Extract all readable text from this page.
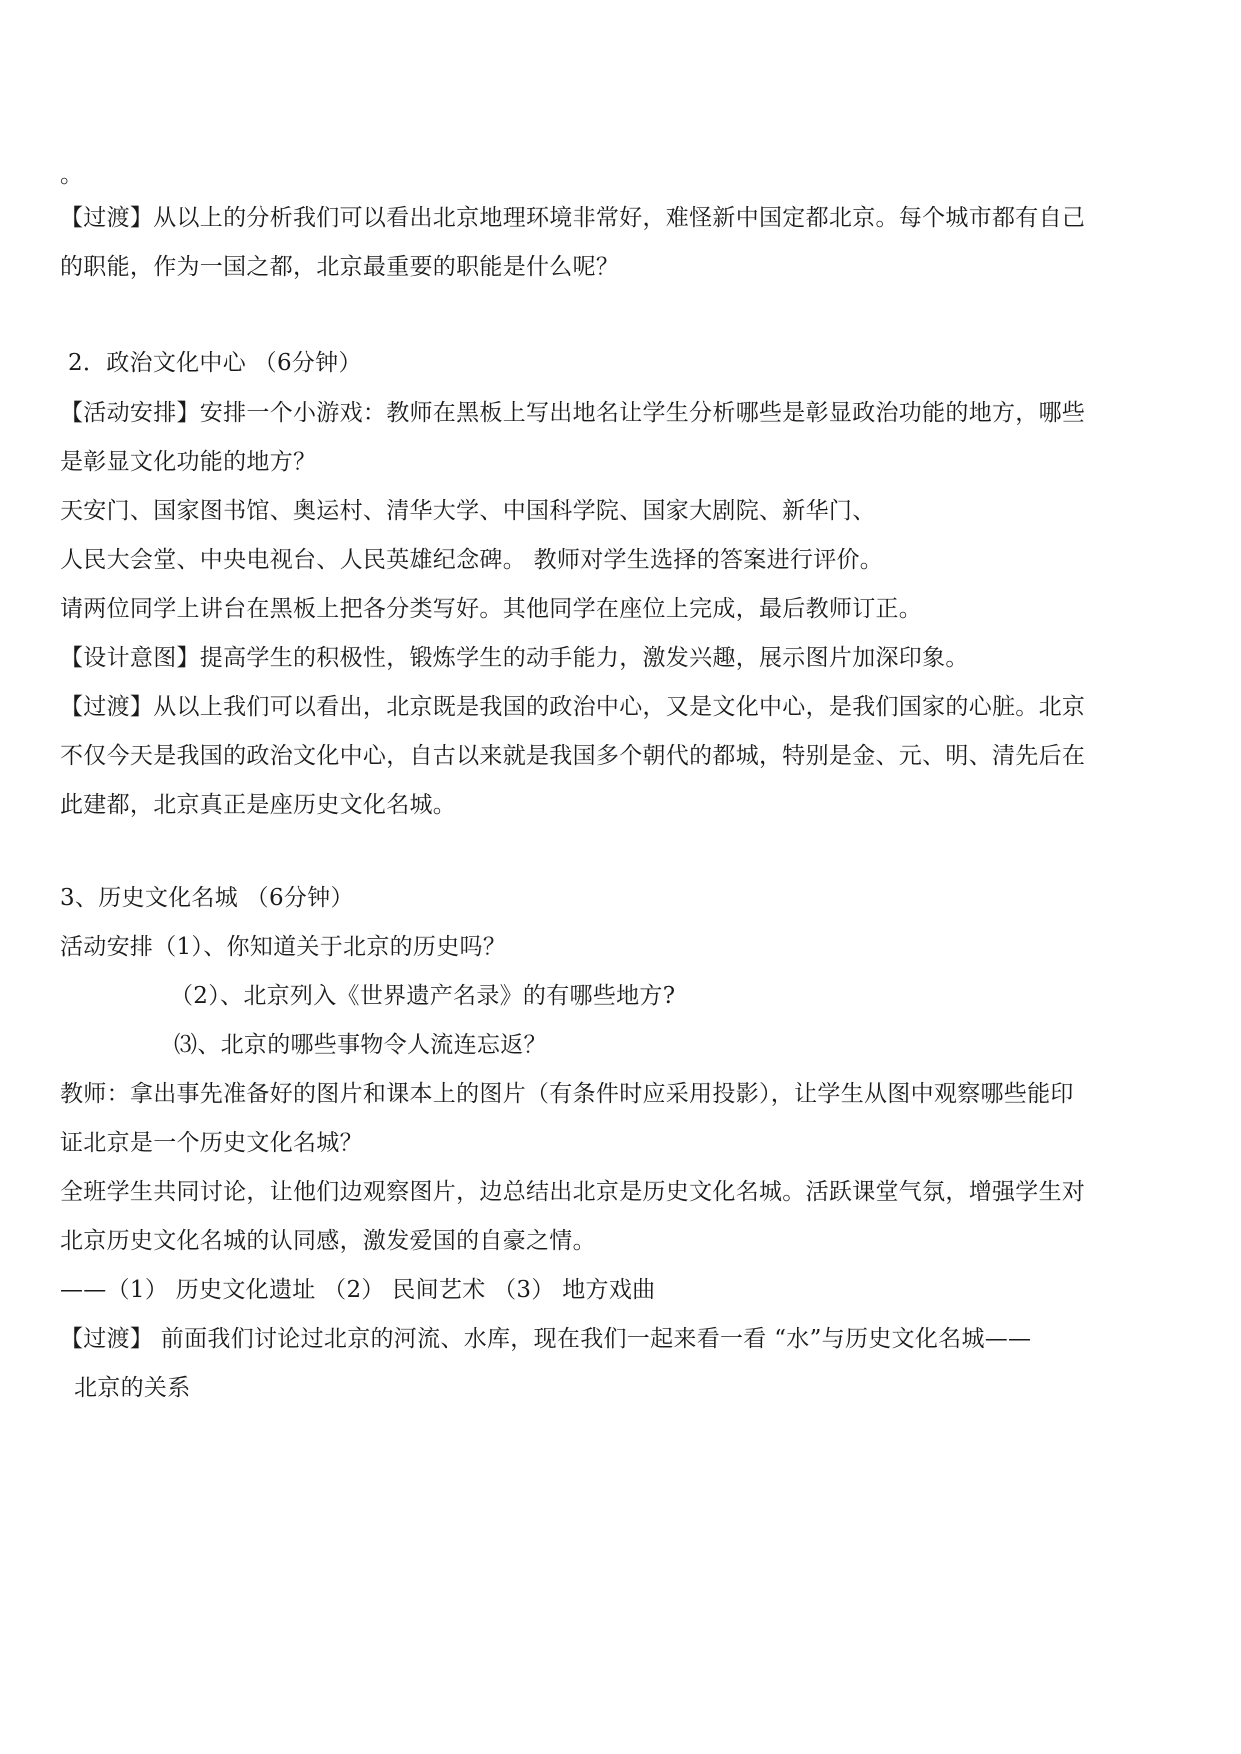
。
【过渡】从以上的分析我们可以看出北京地理环境非常好，难怪新中国定都北京。每个城市都有自己
的职能，作为一国之都，北京最重要的职能是什么呢？
2．政治文化中心 （6分钟）
【活动安排】安排一个小游戏：教师在黑板上写出地名让学生分析哪些是彰显政治功能的地方，哪些
是彰显文化功能的地方？
天安门、国家图书馆、奥运村、清华大学、中国科学院、国家大剧院、新华门、
人民大会堂、中央电视台、人民英雄纪念碑。 教师对学生选择的答案进行评价。
请两位同学上讲台在黑板上把各分类写好。其他同学在座位上完成，最后教师订正。
【设计意图】提高学生的积极性，锻炼学生的动手能力，激发兴趣，展示图片加深印象。
【过渡】从以上我们可以看出，北京既是我国的政治中心，又是文化中心，是我们国家的心脏。北京
不仅今天是我国的政治文化中心，自古以来就是我国多个朝代的都城，特别是金、元、明、清先后在
此建都，北京真正是座历史文化名城。
3、历史文化名城 （6分钟）
活动安排（1）、你知道关于北京的历史吗？
（2）、北京列入《世界遗产名录》的有哪些地方?
⑶、北京的哪些事物令人流连忘返？
教师：拿出事先准备好的图片和课本上的图片（有条件时应采用投影），让学生从图中观察哪些能印
证北京是一个历史文化名城？
全班学生共同讨论，让他们边观察图片，边总结出北京是历史文化名城。活跃课堂气氛，增强学生对
北京历史文化名城的认同感，激发爱国的自豪之情。
——（1） 历史文化遗址 （2） 民间艺术 （3） 地方戏曲
【过渡】 前面我们讨论过北京的河流、水库，现在我们一起来看一看 “水”与历史文化名城——
北京的关系
